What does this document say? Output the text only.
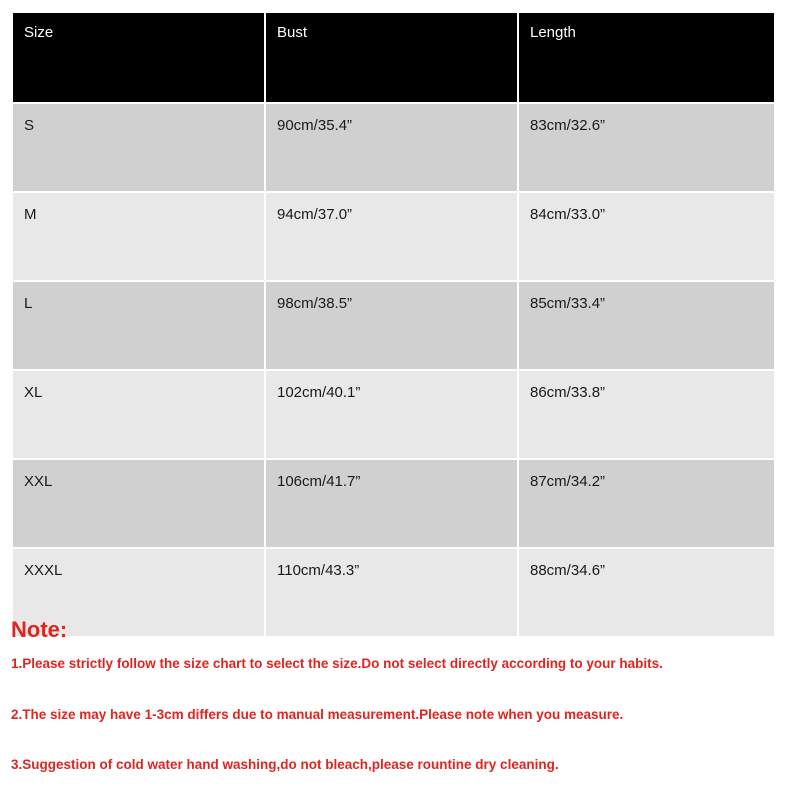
Size	Bust	Length
S	90cm/35.4”	83cm/32.6”
M	94cm/37.0”	84cm/33.0”
L	98cm/38.5”	85cm/33.4”
XL	102cm/40.1”	86cm/33.8”
XXL	106cm/41.7”	87cm/34.2”
XXXL	110cm/43.3”	88cm/34.6”
Note:
1.Please strictly follow the size chart to select the size.Do not select directly according to your habits.
2.The size may have 1-3cm differs due to manual measurement.Please note when you measure.
3.Suggestion of cold water hand washing,do not bleach,please rountine dry cleaning.
